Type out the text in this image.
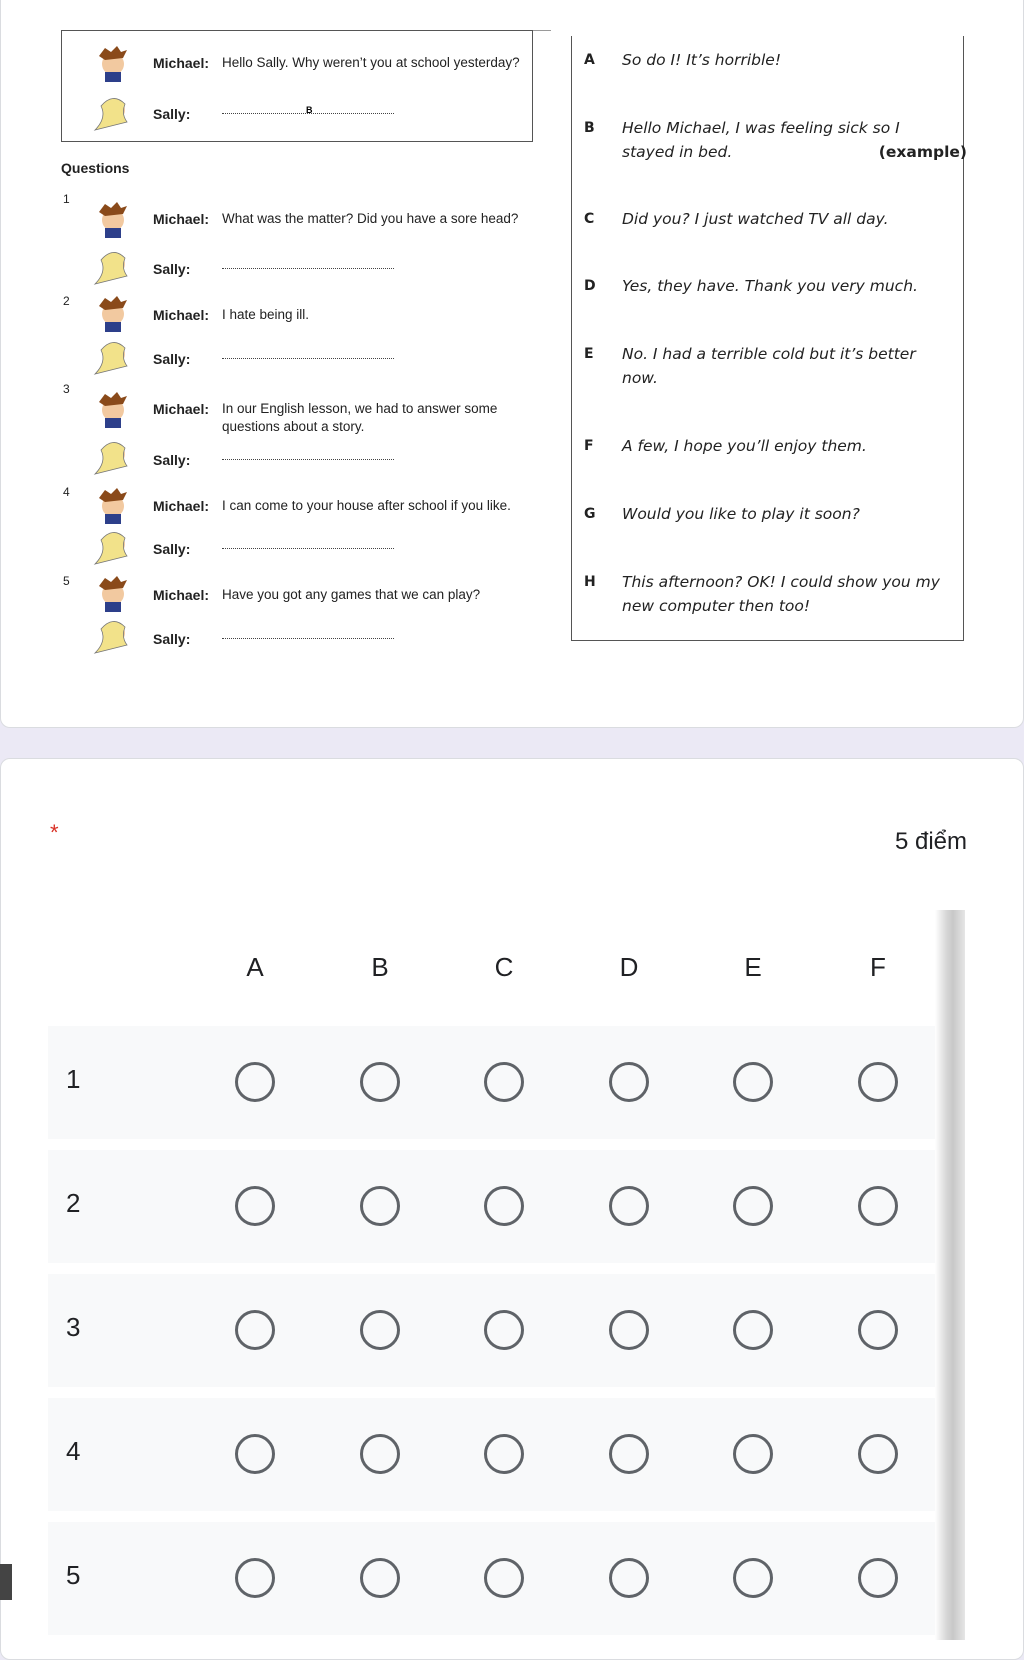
Michael: Hello Sally. Why weren’t you at school yesterday?
Sally:	B
Questions
1
Michael: What was the matter? Did you have a sore head?
Sally:
2
Michael: I hate being ill.
Sally:
3
Michael: In our English lesson, we had to answer some questions about a story.
Sally:
4
Michael: I can come to your house after school if you like.
Sally:
5
Michael: Have you got any games that we can play?
Sally:
A So do I! It’s horrible!
B Hello Michael, I was feeling sick so I stayed in bed.	(example)
C Did you? I just watched TV all day.
D Yes, they have. Thank you very much.
E No. I had a terrible cold but it’s better now.
F A few, I hope you’ll enjoy them.
G Would you like to play it soon?
H This afternoon? OK! I could show you my new computer then too!
*	5 điểm
A	B	C	D	E	F
1
2
3
4
5
